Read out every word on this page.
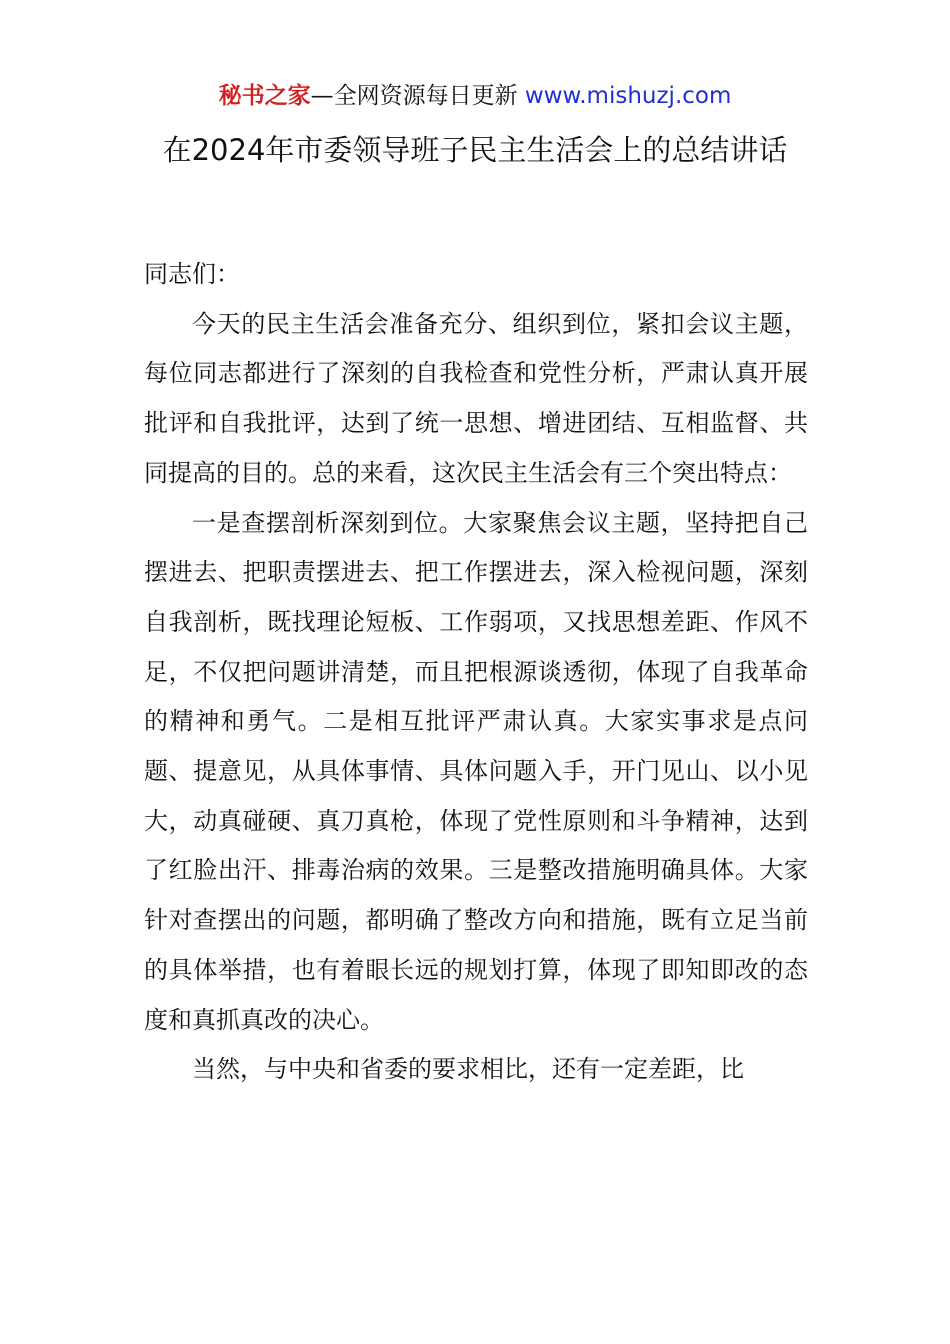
秘书之家—全网资源每日更新 www.mishuzj.com
在2024年市委领导班子民主生活会上的总结讲话

同志们：

今天的民主生活会准备充分、组织到位，紧扣会议主题，每位同志都进行了深刻的自我检查和党性分析，严肃认真开展批评和自我批评，达到了统一思想、增进团结、互相监督、共同提高的目的。总的来看，这次民主生活会有三个突出特点：

一是查摆剖析深刻到位。大家聚焦会议主题，坚持把自己摆进去、把职责摆进去、把工作摆进去，深入检视问题，深刻自我剖析，既找理论短板、工作弱项，又找思想差距、作风不足，不仅把问题讲清楚，而且把根源谈透彻，体现了自我革命的精神和勇气。二是相互批评严肃认真。大家实事求是点问题、提意见，从具体事情、具体问题入手，开门见山、以小见大，动真碰硬、真刀真枪，体现了党性原则和斗争精神，达到了红脸出汗、排毒治病的效果。三是整改措施明确具体。大家针对查摆出的问题，都明确了整改方向和措施，既有立足当前的具体举措，也有着眼长远的规划打算，体现了即知即改的态度和真抓真改的决心。

当然，与中央和省委的要求相比，还有一定差距，比
